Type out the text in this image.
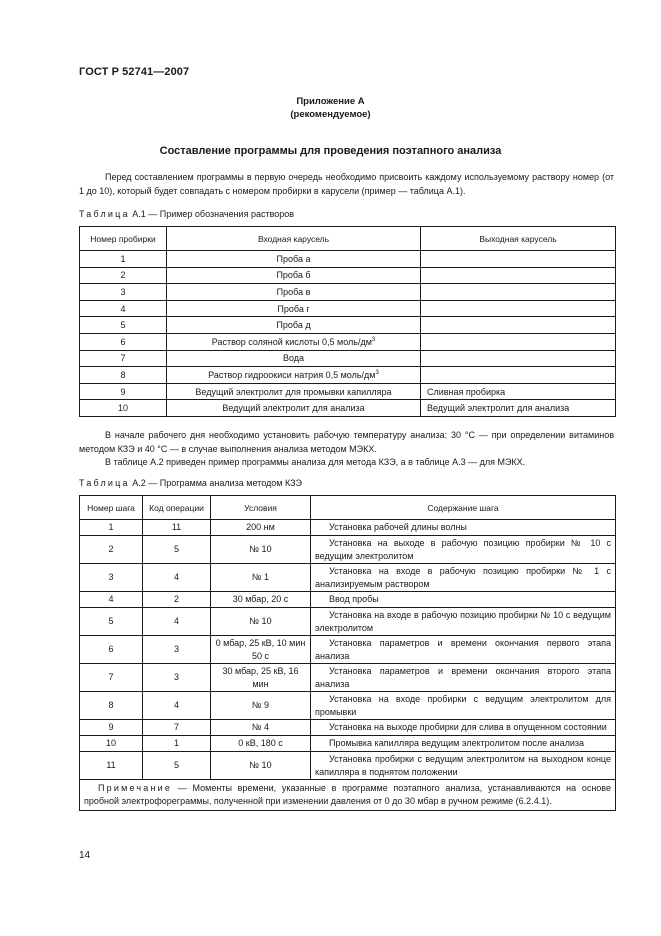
ГОСТ Р 52741—2007
Приложение А
(рекомендуемое)
Составление программы для проведения поэтапного анализа

Перед составлением программы в первую очередь необходимо присвоить каждому используемому раствору номер (от 1 до 10), который будет совпадать с номером пробирки в карусели (пример — таблица А.1).

Таблица А.1 — Пример обозначения растворов
Номер пробирки	Входная карусель	Выходная карусель
1	Проба а	
2	Проба б	
3	Проба в	
4	Проба г	
5	Проба д	
6	Раствор соляной кислоты 0,5 моль/$дм^3$	
7	Вода	
8	Раствор гидроокиси натрия 0,5 моль/$дм^3$	
9	Ведущий электролит для промывки капилляра	Сливная пробирка
10	Ведущий электролит для анализа	Ведущий электролит для анализа

В начале рабочего дня необходимо установить рабочую температуру анализа: 30 °С — при определении витаминов методом КЗЭ и 40 °С — в случае выполнения анализа методом МЭКХ.

В таблице А.2 приведен пример программы анализа для метода КЗЭ, а в таблице А.3 — для МЭКХ.

Таблица А.2 — Программа анализа методом КЗЭ
Номер шага	Код операции	Условия	Содержание шага
1	11	200 нм	Установка рабочей длины волны
2	5	№ 10	Установка на выходе в рабочую позицию пробирки № 10 с ведущим электролитом
3	4	№ 1	Установка на входе в рабочую позицию пробирки № 1 с анализируемым раствором
4	2	30 мбар, 20 с	Ввод пробы
5	4	№ 10	Установка на входе в рабочую позицию пробирки № 10 с ведущим электролитом
6	3	0 мбар, 25 кВ, 10 мин 50 с	Установка параметров и времени окончания первого этапа анализа
7	3	30 мбар, 25 кВ, 16 мин	Установка параметров и времени окончания второго этапа анализа
8	4	№ 9	Установка на входе пробирки с ведущим электролитом для промывки
9	7	№ 4	Установка на выходе пробирки для слива в опущенном состоянии
10	1	0 кВ, 180 с	Промывка капилляра ведущим электролитом после анализа
11	5	№ 10	Установка пробирки с ведущим электролитом на выходном конце капилляра в поднятом положении
Примечание — Моменты времени, указанные в программе поэтапного анализа, устанавливаются на основе пробной электрофореграммы, полученной при изменении давления от 0 до 30 мбар в ручном режиме (6.2.4.1).			
14
